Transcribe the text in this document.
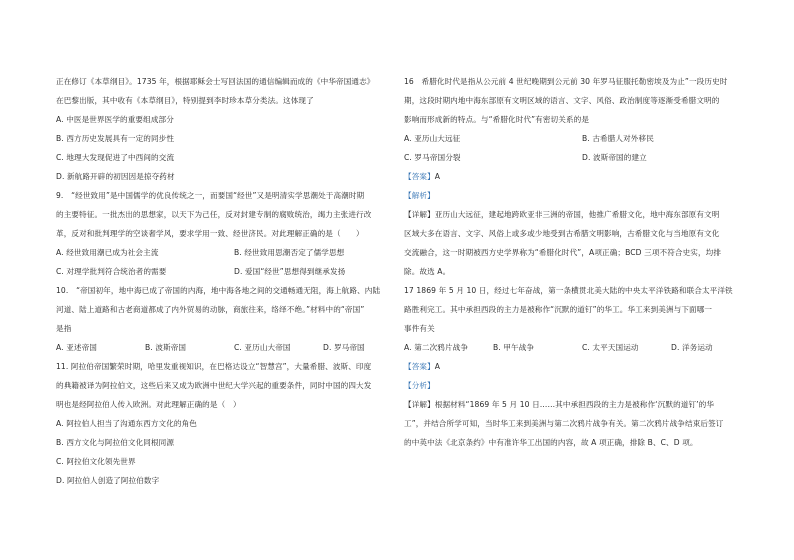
正在修订《本草纲目》。1735 年，根据耶稣会士写回法国的通信编辑而成的《中华帝国通志》

在巴黎出版，其中收有《本草纲目》，特别提到李时珍本草分类法。这体现了

A. 中医是世界医学的重要组成部分

B. 西方历史发展具有一定的同步性

C. 地理大发现促进了中西间的交流

D. 新航路开辟的初因因是掠夺药材

9.　“经世致用”是中国儒学的优良传统之一，而要国“经世”又是明清实学思潮处于高潮时期

的主要特征。一批杰出的思想家，以天下为己任，反对封建专制的腐败统治，竭力主张进行改

革，反对和批判理学的空谈奢学风，要求学用一致、经世济民。对此理解正确的是（　　）

A. 经世致用潮已成为社会主流	B. 经世致用思潮否定了儒学思想
C. 对理学批判符合统治者的需要	D. 爱国“经世”思想得到继承发扬

10.　“帝国初年，地中海已成了帝国的内海，地中海各地之间的交通畅通无阻，海上航路、内陆

河道、陆上道路和古老商道都成了内外贸易的动脉，商旅往来，络绎不绝。”材料中的“帝国”

是指

A. 亚述帝国	B. 波斯帝国	C. 亚历山大帝国	D. 罗马帝国

11. 阿拉伯帝国繁荣时期，哈里发重视知识，在巴格达设立“智慧宫”，大量希腊、波斯、印度

的典籍被译为阿拉伯文，这些后来又成为欧洲中世纪大学兴起的重要条件，同时中国的四大发

明也是经阿拉伯人传入欧洲。对此理解正确的是（　）

A. 阿拉伯人担当了沟通东西方文化的角色

B. 西方文化与阿拉伯文化同根同源

C. 阿拉伯文化领先世界

D. 阿拉伯人创造了阿拉伯数字

16　希腊化时代是指从公元前 4 世纪晚期到公元前 30 年罗马征服托勒密埃及为止”一段历史时

期，这段时期内地中海东部原有文明区域的语言、文字、风俗、政治制度等逐渐受希腊文明的

影响而形成新的特点。与“希腊化时代”有密切关系的是

A. 亚历山大远征	B. 古希腊人对外移民
C. 罗马帝国分裂	D. 波斯帝国的建立

【答案】A

【解析】

【详解】亚历山大远征，建起地跨欧亚非三洲的帝国，他推广希腊文化，地中海东部原有文明

区域大多在语言、文字、风俗上或多或少地受到古希腊文明影响，古希腊文化与当地原有文化

交流融合，这一时期被西方史学界称为“希腊化时代”，A项正确；BCD 三项不符合史实，均排

除。故选 A。

17 1869 年 5 月 10 日，经过七年奋战，第一条横贯北美大陆的中央太平洋铁路和联合太平洋铁

路胜利完工。其中承担西段的主力是被称作“沉默的道钉”的华工。华工来到美洲与下面哪一

事件有关

A. 第二次鸦片战争	B. 甲午战争	C. 太平天国运动	D. 洋务运动

【答案】A

【分析】

【详解】根据材料“1869 年 5 月 10 日……其中承担西段的主力是被称作‘沉默的道钉’的华

工”，并结合所学可知，当时华工来到美洲与第二次鸦片战争有关。第二次鸦片战争结束后签订

的中英中法《北京条约》中有准许华工出国的内容，故 A 项正确，排除 B、C、D 项。
